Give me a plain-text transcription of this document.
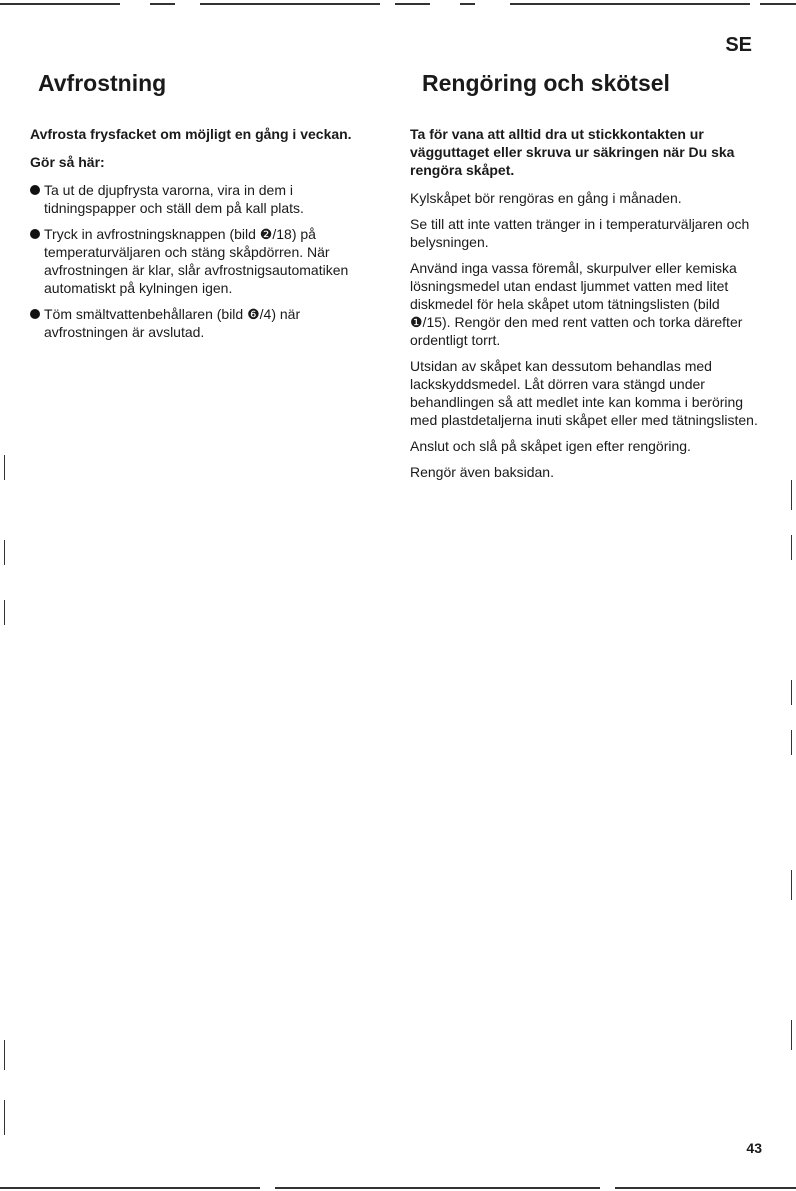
SE
Avfrostning

Avfrosta frysfacket om möjligt en gång i veckan.

Gör så här:

Ta ut de djupfrysta varorna, vira in dem i tidningspapper och ställ dem på kall plats.
Tryck in avfrostningsknappen (bild ❷/18) på temperaturväljaren och stäng skåpdörren. När avfrostningen är klar, slår avfrostnigsautomatiken automatiskt på kylningen igen.
Töm smältvattenbehållaren (bild ❻/4) när avfrostningen är avslutad.
Rengöring och skötsel

Ta för vana att alltid dra ut stickkontakten ur vägguttaget eller skruva ur säkringen när Du ska rengöra skåpet.

Kylskåpet bör rengöras en gång i månaden.

Se till att inte vatten tränger in i temperaturväljaren och belysningen.

Använd inga vassa föremål, skurpulver eller kemiska lösningsmedel utan endast ljummet vatten med litet diskmedel för hela skåpet utom tätningslisten (bild ❶/15). Rengör den med rent vatten och torka därefter ordentligt torrt.

Utsidan av skåpet kan dessutom behandlas med lackskyddsmedel. Låt dörren vara stängd under behandlingen så att medlet inte kan komma i beröring med plastdetaljerna inuti skåpet eller med tätningslisten.

Anslut och slå på skåpet igen efter rengöring.

Rengör även baksidan.

43
